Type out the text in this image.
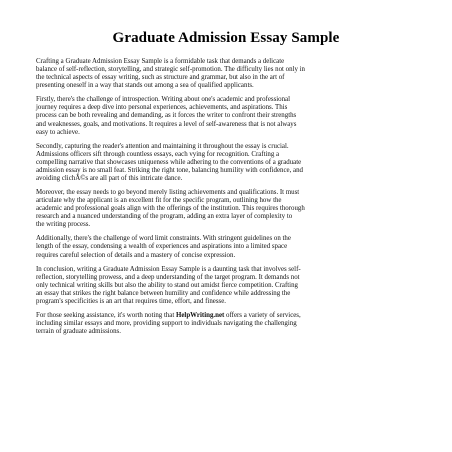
Graduate Admission Essay Sample

Crafting a Graduate Admission Essay Sample is a formidable task that demands a delicate
balance of self-reflection, storytelling, and strategic self-promotion. The difficulty lies not only in
the technical aspects of essay writing, such as structure and grammar, but also in the art of
presenting oneself in a way that stands out among a sea of qualified applicants.

Firstly, there's the challenge of introspection. Writing about one's academic and professional
journey requires a deep dive into personal experiences, achievements, and aspirations. This
process can be both revealing and demanding, as it forces the writer to confront their strengths
and weaknesses, goals, and motivations. It requires a level of self-awareness that is not always
easy to achieve.

Secondly, capturing the reader's attention and maintaining it throughout the essay is crucial.
Admissions officers sift through countless essays, each vying for recognition. Crafting a
compelling narrative that showcases uniqueness while adhering to the conventions of a graduate
admission essay is no small feat. Striking the right tone, balancing humility with confidence, and
avoiding clichÃ©s are all part of this intricate dance.

Moreover, the essay needs to go beyond merely listing achievements and qualifications. It must
articulate why the applicant is an excellent fit for the specific program, outlining how the
academic and professional goals align with the offerings of the institution. This requires thorough
research and a nuanced understanding of the program, adding an extra layer of complexity to
the writing process.

Additionally, there's the challenge of word limit constraints. With stringent guidelines on the
length of the essay, condensing a wealth of experiences and aspirations into a limited space
requires careful selection of details and a mastery of concise expression.

In conclusion, writing a Graduate Admission Essay Sample is a daunting task that involves self-
reflection, storytelling prowess, and a deep understanding of the target program. It demands not
only technical writing skills but also the ability to stand out amidst fierce competition. Crafting
an essay that strikes the right balance between humility and confidence while addressing the
program's specificities is an art that requires time, effort, and finesse.

For those seeking assistance, it's worth noting that HelpWriting.net offers a variety of services,
including similar essays and more, providing support to individuals navigating the challenging
terrain of graduate admissions.
